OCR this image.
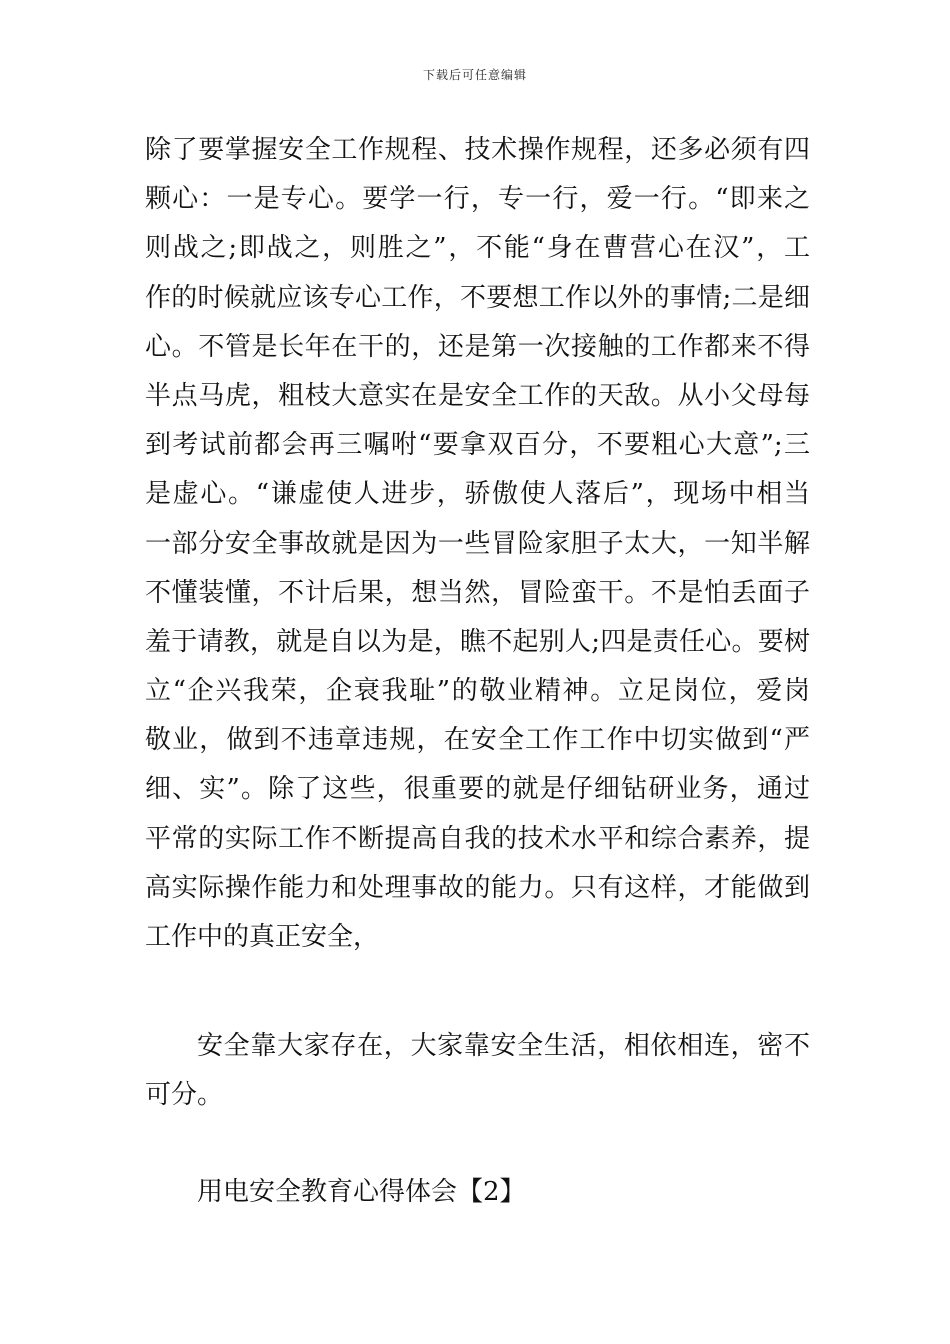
下载后可任意编辑
除了要掌握安全工作规程、技术操作规程，还多必须有四
颗心：一是专心。要学一行，专一行，爱一行。“即来之
则战之;即战之，则胜之”，不能“身在曹营心在汉”，工
作的时候就应该专心工作，不要想工作以外的事情;二是细
心。不管是长年在干的，还是第一次接触的工作都来不得
半点马虎，粗枝大意实在是安全工作的天敌。从小父母每
到考试前都会再三嘱咐“要拿双百分，不要粗心大意”;三
是虚心。“谦虚使人进步，骄傲使人落后”，现场中相当
一部分安全事故就是因为一些冒险家胆子太大，一知半解
不懂装懂，不计后果，想当然，冒险蛮干。不是怕丢面子
羞于请教，就是自以为是，瞧不起别人;四是责任心。要树
立“企兴我荣，企衰我耻”的敬业精神。立足岗位，爱岗
敬业，做到不违章违规，在安全工作工作中切实做到“严
细、实”。除了这些，很重要的就是仔细钻研业务，通过
平常的实际工作不断提高自我的技术水平和综合素养，提
高实际操作能力和处理事故的能力。只有这样，才能做到
工作中的真正安全，
安全靠大家存在，大家靠安全生活，相依相连，密不
可分。
用电安全教育心得体会【2】
